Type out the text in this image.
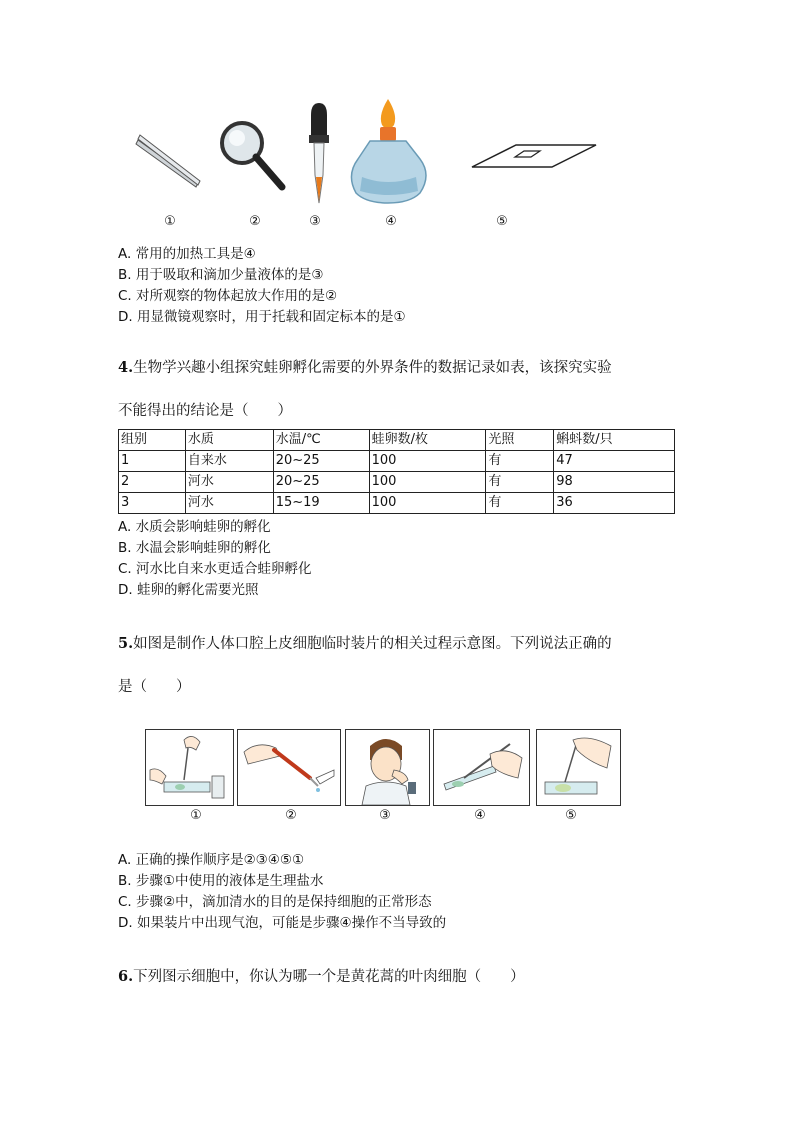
①	②	③	④	⑤
A. 常用的加热工具是④
B. 用于吸取和滴加少量液体的是③
C. 对所观察的物体起放大作用的是②
D. 用显微镜观察时，用于托载和固定标本的是①
4.生物学兴趣小组探究蛙卵孵化需要的外界条件的数据记录如表，该探究实验
不能得出的结论是（　　）
组别	水质	水温/℃	蛙卵数/枚	光照	蝌蚪数/只
1	自来水	20~25	100	有	47
2	河水	20~25	100	有	98
3	河水	15~19	100	有	36
A. 水质会影响蛙卵的孵化
B. 水温会影响蛙卵的孵化
C. 河水比自来水更适合蛙卵孵化
D. 蛙卵的孵化需要光照
5.如图是制作人体口腔上皮细胞临时装片的相关过程示意图。下列说法正确的
是（　　）
①	②	③	④	⑤
A. 正确的操作顺序是②③④⑤①
B. 步骤①中使用的液体是生理盐水
C. 步骤②中，滴加清水的目的是保持细胞的正常形态
D. 如果装片中出现气泡，可能是步骤④操作不当导致的
6.下列图示细胞中，你认为哪一个是黄花蒿的叶肉细胞（　　）
